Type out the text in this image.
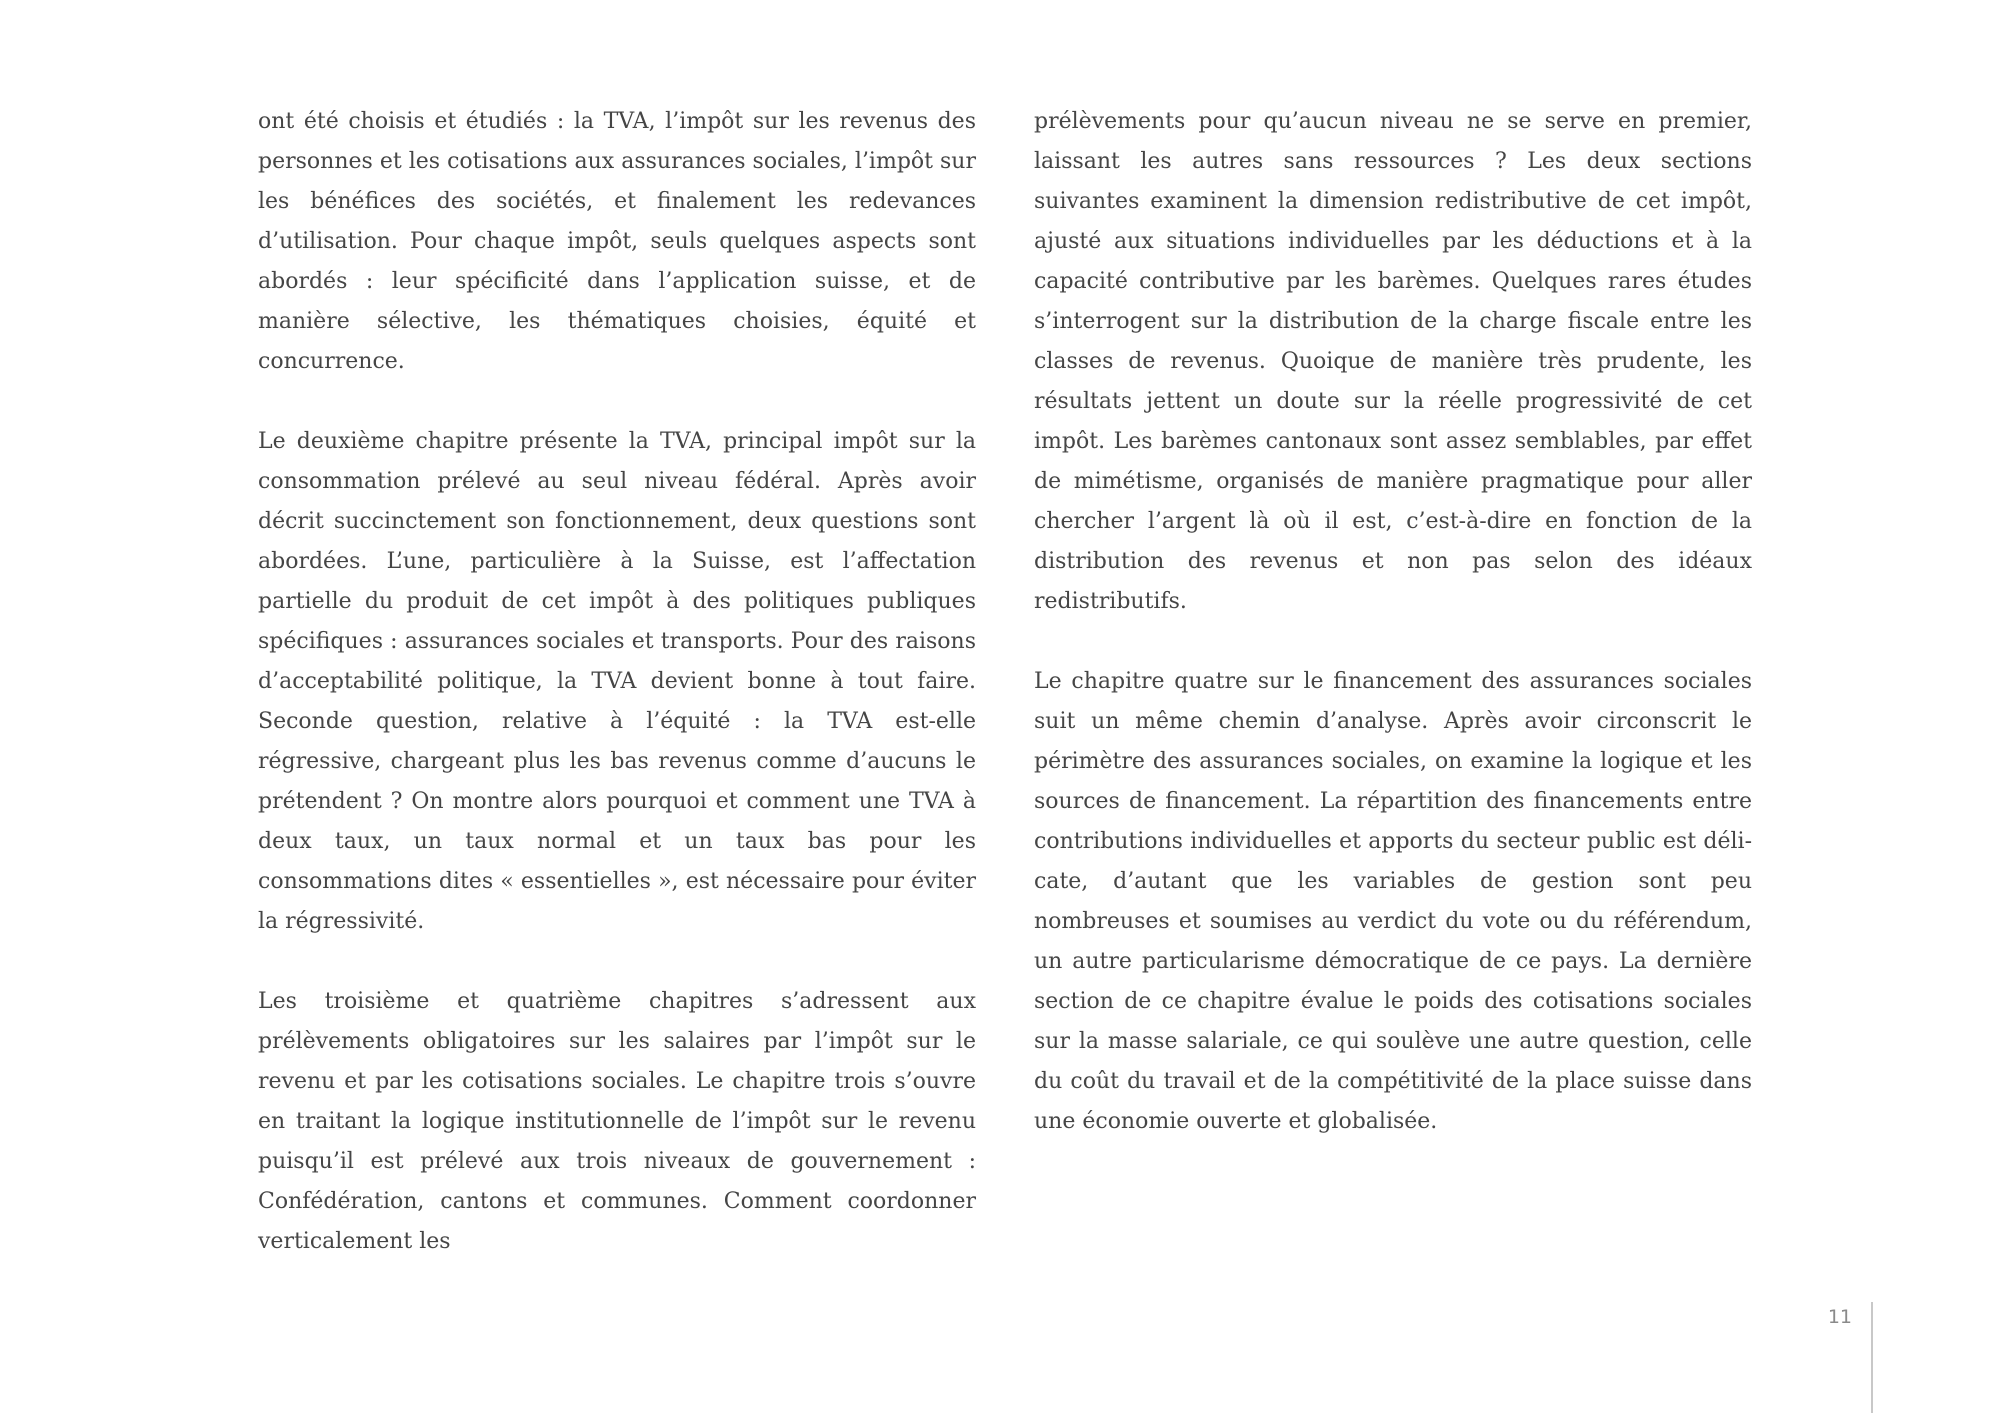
ont été choisis et étudiés : la TVA, l’impôt sur les revenus des personnes et les cotisations aux assurances sociales, l’impôt sur les bénéfices des sociétés, et finalement les redevances d’utilisation. Pour chaque impôt, seuls quelques aspects sont abordés : leur spécificité dans l’application suisse, et de manière sélective, les thématiques choisies, équité et concurrence.

Le deuxième chapitre présente la TVA, principal impôt sur la consommation prélevé au seul niveau fédéral. Après avoir décrit succinctement son fonctionnement, deux questions sont abordées. L’une, particulière à la Suisse, est l’affectation partielle du produit de cet impôt à des politiques publiques spécifiques : assurances sociales et transports. Pour des raisons d’acceptabilité politique, la TVA devient bonne à tout faire. Seconde question, relative à l’équité : la TVA est-elle régressive, chargeant plus les bas revenus comme d’aucuns le prétendent ? On montre alors pourquoi et comment une TVA à deux taux, un taux normal et un taux bas pour les consommations dites « essentielles », est nécessaire pour éviter la régressivité.

Les troisième et quatrième chapitres s’adressent aux prélèvements obligatoires sur les salaires par l’impôt sur le revenu et par les cotisations sociales. Le chapitre trois s’ouvre en traitant la logique institutionnelle de l’impôt sur le revenu puisqu’il est prélevé aux trois niveaux de gouvernement : Confédération, cantons et communes. Comment coordonner verticalement les

prélèvements pour qu’aucun niveau ne se serve en premier, laissant les autres sans ressources ? Les deux sections suivantes examinent la dimension redistributive de cet impôt, ajusté aux situations individuelles par les déductions et à la capacité contributive par les barèmes. Quelques rares études s’interrogent sur la distribution de la charge fiscale entre les classes de revenus. Quoique de manière très prudente, les résultats jettent un doute sur la réelle progressivité de cet impôt. Les barèmes cantonaux sont assez semblables, par effet de mimétisme, organisés de manière pragmatique pour aller chercher l’argent là où il est, c’est-à-dire en fonction de la distribution des revenus et non pas selon des idéaux redistributifs.

Le chapitre quatre sur le financement des assurances sociales suit un même chemin d’analyse. Après avoir circonscrit le périmètre des assurances sociales, on examine la logique et les sources de financement. La répartition des financements entre contributions individuelles et apports du secteur public est délicate, d’autant que les variables de gestion sont peu nombreuses et soumises au verdict du vote ou du référendum, un autre particularisme démocratique de ce pays. La dernière section de ce chapitre évalue le poids des cotisations sociales sur la masse salariale, ce qui soulève une autre question, celle du coût du travail et de la compétitivité de la place suisse dans une économie ouverte et globalisée.

11
